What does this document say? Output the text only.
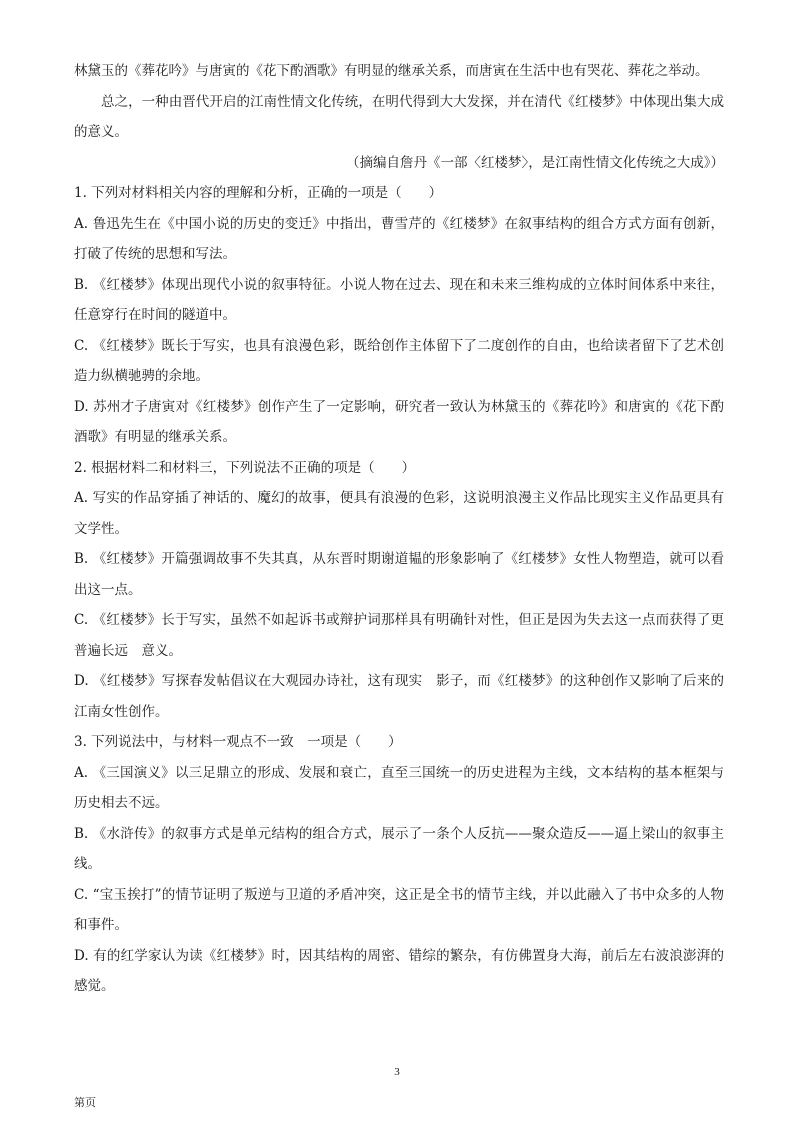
林黛玉的《葬花吟》与唐寅的《花下酌酒歌》有明显的继承关系，而唐寅在生活中也有哭花、葬花之举动。

总之，一种由晋代开启的江南性情文化传统，在明代得到大大发探，并在清代《红楼梦》中体现出集大成的意义。

（摘编自詹丹《一部〈红楼梦〉，是江南性情文化传统之大成》）

1. 下列对材料相关内容的理解和分析，正确的一项是（　　）

A. 鲁迅先生在《中国小说的历史的变迁》中指出，曹雪芹的《红楼梦》在叙事结构的组合方式方面有创新，打破了传统的思想和写法。

B. 《红楼梦》体现出现代小说的叙事特征。小说人物在过去、现在和未来三维构成的立体时间体系中来往，任意穿行在时间的隧道中。

C. 《红楼梦》既长于写实，也具有浪漫色彩，既给创作主体留下了二度创作的自由，也给读者留下了艺术创造力纵横驰骋的余地。

D. 苏州才子唐寅对《红楼梦》创作产生了一定影响，研究者一致认为林黛玉的《葬花吟》和唐寅的《花下酌酒歌》有明显的继承关系。

2. 根据材料二和材料三，下列说法不正确的项是（　　）

A. 写实的作品穿插了神话的、魔幻的故事，便具有浪漫的色彩，这说明浪漫主义作品比现实主义作品更具有文学性。

B. 《红楼梦》开篇强调故事不失其真，从东晋时期谢道韫的形象影响了《红楼梦》女性人物塑造，就可以看出这一点。

C. 《红楼梦》长于写实，虽然不如起诉书或辩护词那样具有明确针对性，但正是因为失去这一点而获得了更普遍长远　意义。

D. 《红楼梦》写探春发帖倡议在大观园办诗社，这有现实　影子，而《红楼梦》的这种创作又影响了后来的江南女性创作。

3. 下列说法中，与材料一观点不一致　一项是（　　）

A. 《三国演义》以三足鼎立的形成、发展和衰亡，直至三国统一的历史进程为主线，文本结构的基本框架与历史相去不远。

B. 《水浒传》的叙事方式是单元结构的组合方式，展示了一条个人反抗——聚众造反——逼上梁山的叙事主线。

C. “宝玉挨打”的情节证明了叛逆与卫道的矛盾冲突，这正是全书的情节主线，并以此融入了书中众多的人物和事件。

D. 有的红学家认为读《红楼梦》时，因其结构的周密、错综的繁杂，有仿佛置身大海，前后左右波浪澎湃的感觉。

3
第页
